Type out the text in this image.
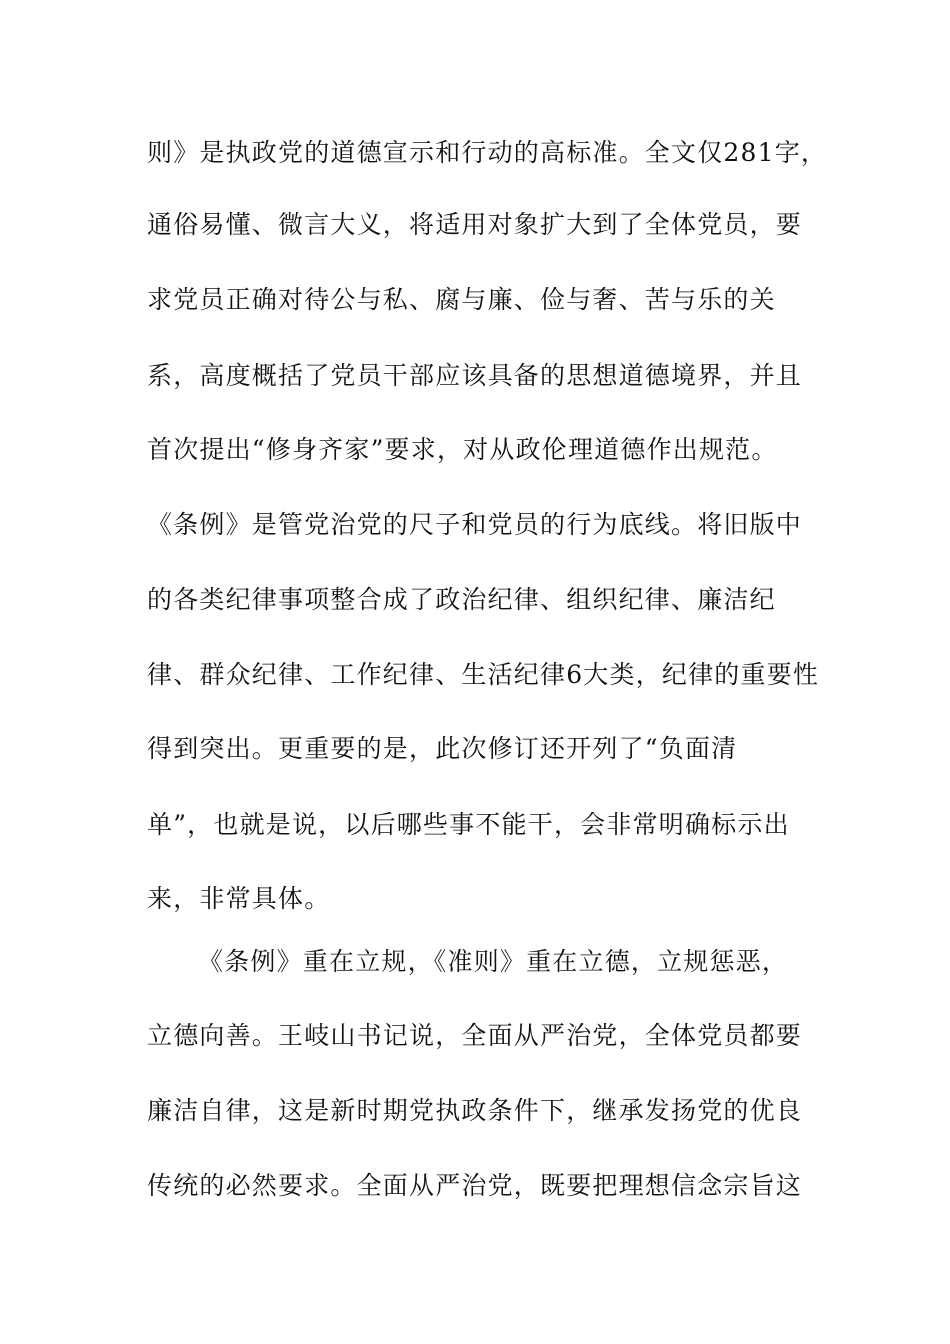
则》是执政党的道德宣示和行动的高标准。全文仅281字，
通俗易懂、微言大义，将适用对象扩大到了全体党员，要
求党员正确对待公与私、腐与廉、俭与奢、苦与乐的关
系，高度概括了党员干部应该具备的思想道德境界，并且
首次提出“修身齐家”要求，对从政伦理道德作出规范。
《条例》是管党治党的尺子和党员的行为底线。将旧版中
的各类纪律事项整合成了政治纪律、组织纪律、廉洁纪
律、群众纪律、工作纪律、生活纪律6大类，纪律的重要性
得到突出。更重要的是，此次修订还开列了“负面清
单”，也就是说，以后哪些事不能干，会非常明确标示出
来，非常具体。
《条例》重在立规，《准则》重在立德，立规惩恶，
立德向善。王岐山书记说，全面从严治党，全体党员都要
廉洁自律，这是新时期党执政条件下，继承发扬党的优良
传统的必然要求。全面从严治党，既要把理想信念宗旨这
